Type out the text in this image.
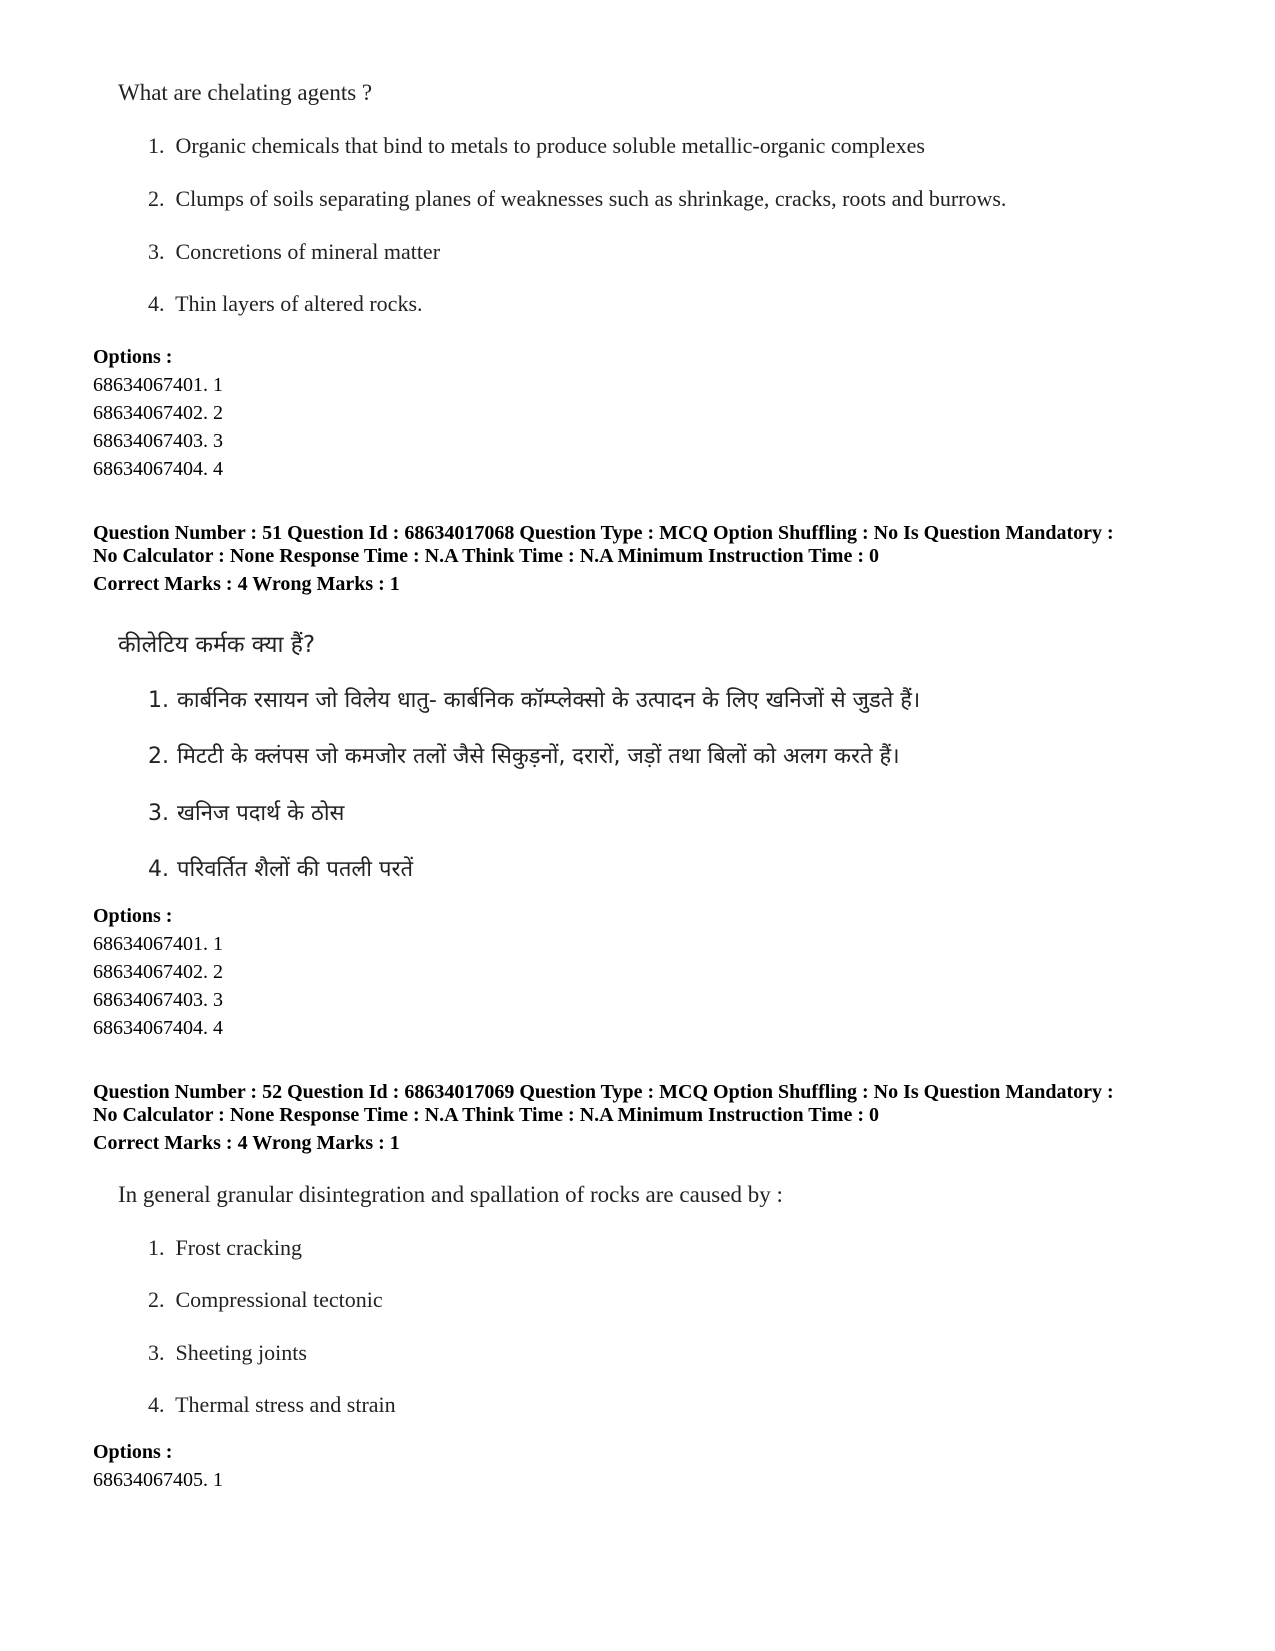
What are chelating agents ?
1. Organic chemicals that bind to metals to produce soluble metallic-organic complexes
2. Clumps of soils separating planes of weaknesses such as shrinkage, cracks, roots and burrows.
3. Concretions of mineral matter
4. Thin layers of altered rocks.
Options :
68634067401. 1
68634067402. 2
68634067403. 3
68634067404. 4
Question Number : 51 Question Id : 68634017068 Question Type : MCQ Option Shuffling : No Is Question Mandatory :
No Calculator : None Response Time : N.A Think Time : N.A Minimum Instruction Time : 0
Correct Marks : 4 Wrong Marks : 1
कीलेटिय कर्मक क्या हैं?
1. कार्बनिक रसायन जो विलेय धातु- कार्बनिक कॉम्प्लेक्सो के उत्पादन के लिए खनिजों से जुडते हैं।
2. मिटटी के क्लंपस जो कमजोर तलों जैसे सिकुड़नों, दरारों, जड़ों तथा बिलों को अलग करते हैं।
3. खनिज पदार्थ के ठोस
4. परिवर्तित शैलों की पतली परतें
Options :
68634067401. 1
68634067402. 2
68634067403. 3
68634067404. 4
Question Number : 52 Question Id : 68634017069 Question Type : MCQ Option Shuffling : No Is Question Mandatory :
No Calculator : None Response Time : N.A Think Time : N.A Minimum Instruction Time : 0
Correct Marks : 4 Wrong Marks : 1
In general granular disintegration and spallation of rocks are caused by :
1. Frost cracking
2. Compressional tectonic
3. Sheeting joints
4. Thermal stress and strain
Options :
68634067405. 1
